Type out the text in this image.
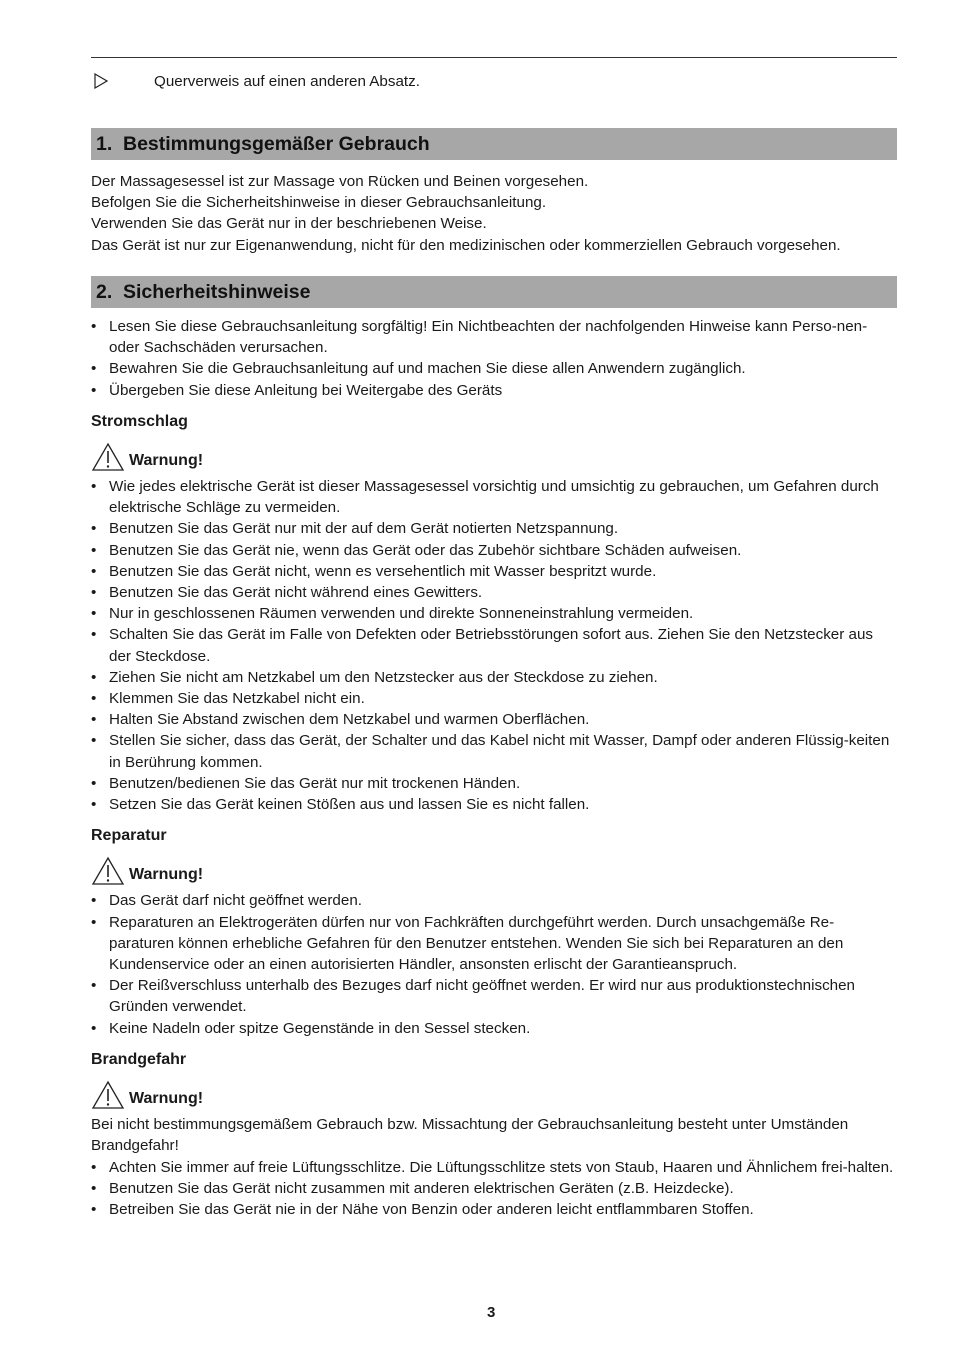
Querverweis auf einen anderen Absatz.
1. Bestimmungsgemäßer Gebrauch

Der Massagesessel ist zur Massage von Rücken und Beinen vorgesehen.

Befolgen Sie die Sicherheitshinweise in dieser Gebrauchsanleitung.

Verwenden Sie das Gerät nur in der beschriebenen Weise.

Das Gerät ist nur zur Eigenanwendung, nicht für den medizinischen oder kommerziellen Gebrauch vorgesehen.

2. Sicherheitshinweise
• Lesen Sie diese Gebrauchsanleitung sorgfältig! Ein Nichtbeachten der nachfolgenden Hinweise kann Perso-nen- oder Sachschäden verursachen.
• Bewahren Sie die Gebrauchsanleitung auf und machen Sie diese allen Anwendern zugänglich.
• Übergeben Sie diese Anleitung bei Weitergabe des Geräts
Stromschlag
Warnung!
• Wie jedes elektrische Gerät ist dieser Massagesessel vorsichtig und umsichtig zu gebrauchen, um Gefahren durch elektrische Schläge zu vermeiden.
• Benutzen Sie das Gerät nur mit der auf dem Gerät notierten Netzspannung.
• Benutzen Sie das Gerät nie, wenn das Gerät oder das Zubehör sichtbare Schäden aufweisen.
• Benutzen Sie das Gerät nicht, wenn es versehentlich mit Wasser bespritzt wurde.
• Benutzen Sie das Gerät nicht während eines Gewitters.
• Nur in geschlossenen Räumen verwenden und direkte Sonneneinstrahlung vermeiden.
• Schalten Sie das Gerät im Falle von Defekten oder Betriebsstörungen sofort aus. Ziehen Sie den Netzstecker aus der Steckdose.
• Ziehen Sie nicht am Netzkabel um den Netzstecker aus der Steckdose zu ziehen.
• Klemmen Sie das Netzkabel nicht ein.
• Halten Sie Abstand zwischen dem Netzkabel und warmen Oberflächen.
• Stellen Sie sicher, dass das Gerät, der Schalter und das Kabel nicht mit Wasser, Dampf oder anderen Flüssig-keiten in Berührung kommen.
• Benutzen/bedienen Sie das Gerät nur mit trockenen Händen.
• Setzen Sie das Gerät keinen Stößen aus und lassen Sie es nicht fallen.
Reparatur
Warnung!
• Das Gerät darf nicht geöffnet werden.
• Reparaturen an Elektrogeräten dürfen nur von Fachkräften durchgeführt werden. Durch unsachgemäße Re-paraturen können erhebliche Gefahren für den Benutzer entstehen. Wenden Sie sich bei Reparaturen an den Kundenservice oder an einen autorisierten Händler, ansonsten erlischt der Garantieanspruch.
• Der Reißverschluss unterhalb des Bezuges darf nicht geöffnet werden. Er wird nur aus produktionstechnischen Gründen verwendet.
• Keine Nadeln oder spitze Gegenstände in den Sessel stecken.
Brandgefahr
Warnung!

Bei nicht bestimmungsgemäßem Gebrauch bzw. Missachtung der Gebrauchsanleitung besteht unter Umständen Brandgefahr!

• Achten Sie immer auf freie Lüftungsschlitze. Die Lüftungsschlitze stets von Staub, Haaren und Ähnlichem frei-halten.
• Benutzen Sie das Gerät nicht zusammen mit anderen elektrischen Geräten (z.B. Heizdecke).
• Betreiben Sie das Gerät nie in der Nähe von Benzin oder anderen leicht entflammbaren Stoffen.
3
